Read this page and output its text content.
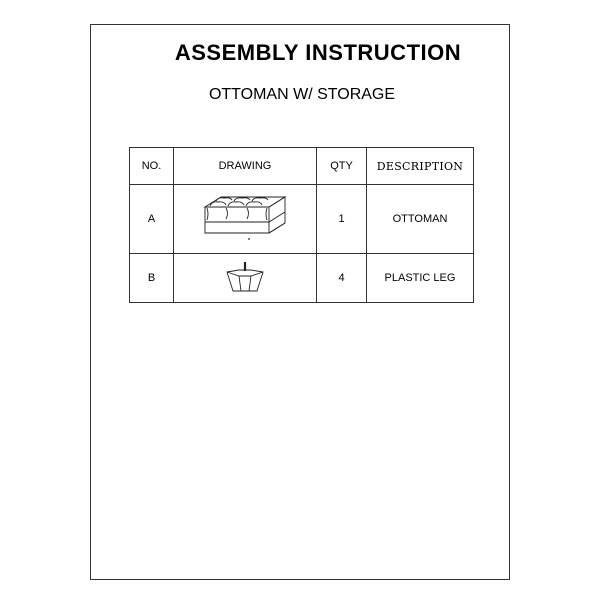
ASSEMBLY INSTRUCTION
OTTOMAN W/ STORAGE
NO.	DRAWING	QTY	DESCRIPTION
A		1	OTTOMAN
B		4	PLASTIC LEG
